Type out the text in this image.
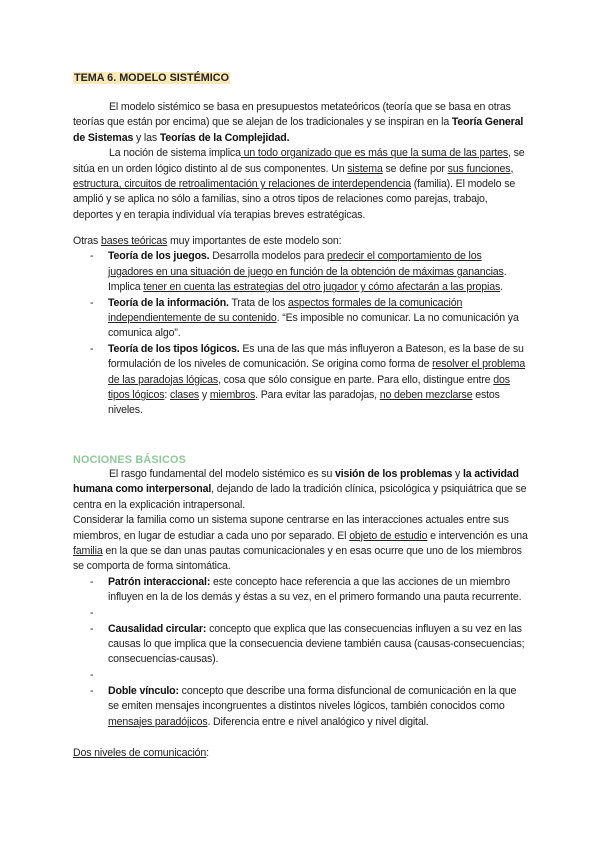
TEMA 6. MODELO SISTÉMICO
El modelo sistémico se basa en presupuestos metateóricos (teoría que se basa en otras teorías que están por encima) que se alejan de los tradicionales y se inspiran en la Teoría General de Sistemas y las Teorías de la Complejidad.
La noción de sistema implica un todo organizado que es más que la suma de las partes, se sitúa en un orden lógico distinto al de sus componentes. Un sistema se define por sus funciones, estructura, circuitos de retroalimentación y relaciones de interdependencia (familia). El modelo se amplió y se aplica no sólo a familias, sino a otros tipos de relaciones como parejas, trabajo, deportes y en terapia individual vía terapias breves estratégicas.
Otras bases teóricas muy importantes de este modelo son:
- Teoría de los juegos. Desarrolla modelos para predecir el comportamiento de los jugadores en una situación de juego en función de la obtención de máximas ganancias. Implica tener en cuenta las estrategias del otro jugador y cómo afectarán a las propias.
- Teoría de la información. Trata de los aspectos formales de la comunicación independientemente de su contenido. “Es imposible no comunicar. La no comunicación ya comunica algo”.
- Teoría de los tipos lógicos. Es una de las que más influyeron a Bateson, es la base de su formulación de los niveles de comunicación. Se origina como forma de resolver el problema de las paradojas lógicas, cosa que sólo consigue en parte. Para ello, distingue entre dos tipos lógicos: clases y miembros. Para evitar las paradojas, no deben mezclarse estos niveles.
NOCIONES BÁSICOS
El rasgo fundamental del modelo sistémico es su visión de los problemas y la actividad humana como interpersonal, dejando de lado la tradición clínica, psicológica y psiquiátrica que se centra en la explicación intrapersonal.
Considerar la familia como un sistema supone centrarse en las interacciones actuales entre sus miembros, en lugar de estudiar a cada uno por separado. El objeto de estudio e intervención es una familia en la que se dan unas pautas comunicacionales y en esas ocurre que uno de los miembros se comporta de forma sintomática.
- Patrón interaccional: este concepto hace referencia a que las acciones de un miembro influyen en la de los demás y éstas a su vez, en el primero formando una pauta recurrente.
-
- Causalidad circular: concepto que explica que las consecuencias influyen a su vez en las causas lo que implica que la consecuencia deviene también causa (causas-consecuencias; consecuencias-causas).
-
- Doble vínculo: concepto que describe una forma disfuncional de comunicación en la que se emiten mensajes incongruentes a distintos niveles lógicos, también conocidos como mensajes paradójicos. Diferencia entre e nivel analógico y nivel digital.
Dos niveles de comunicación:
